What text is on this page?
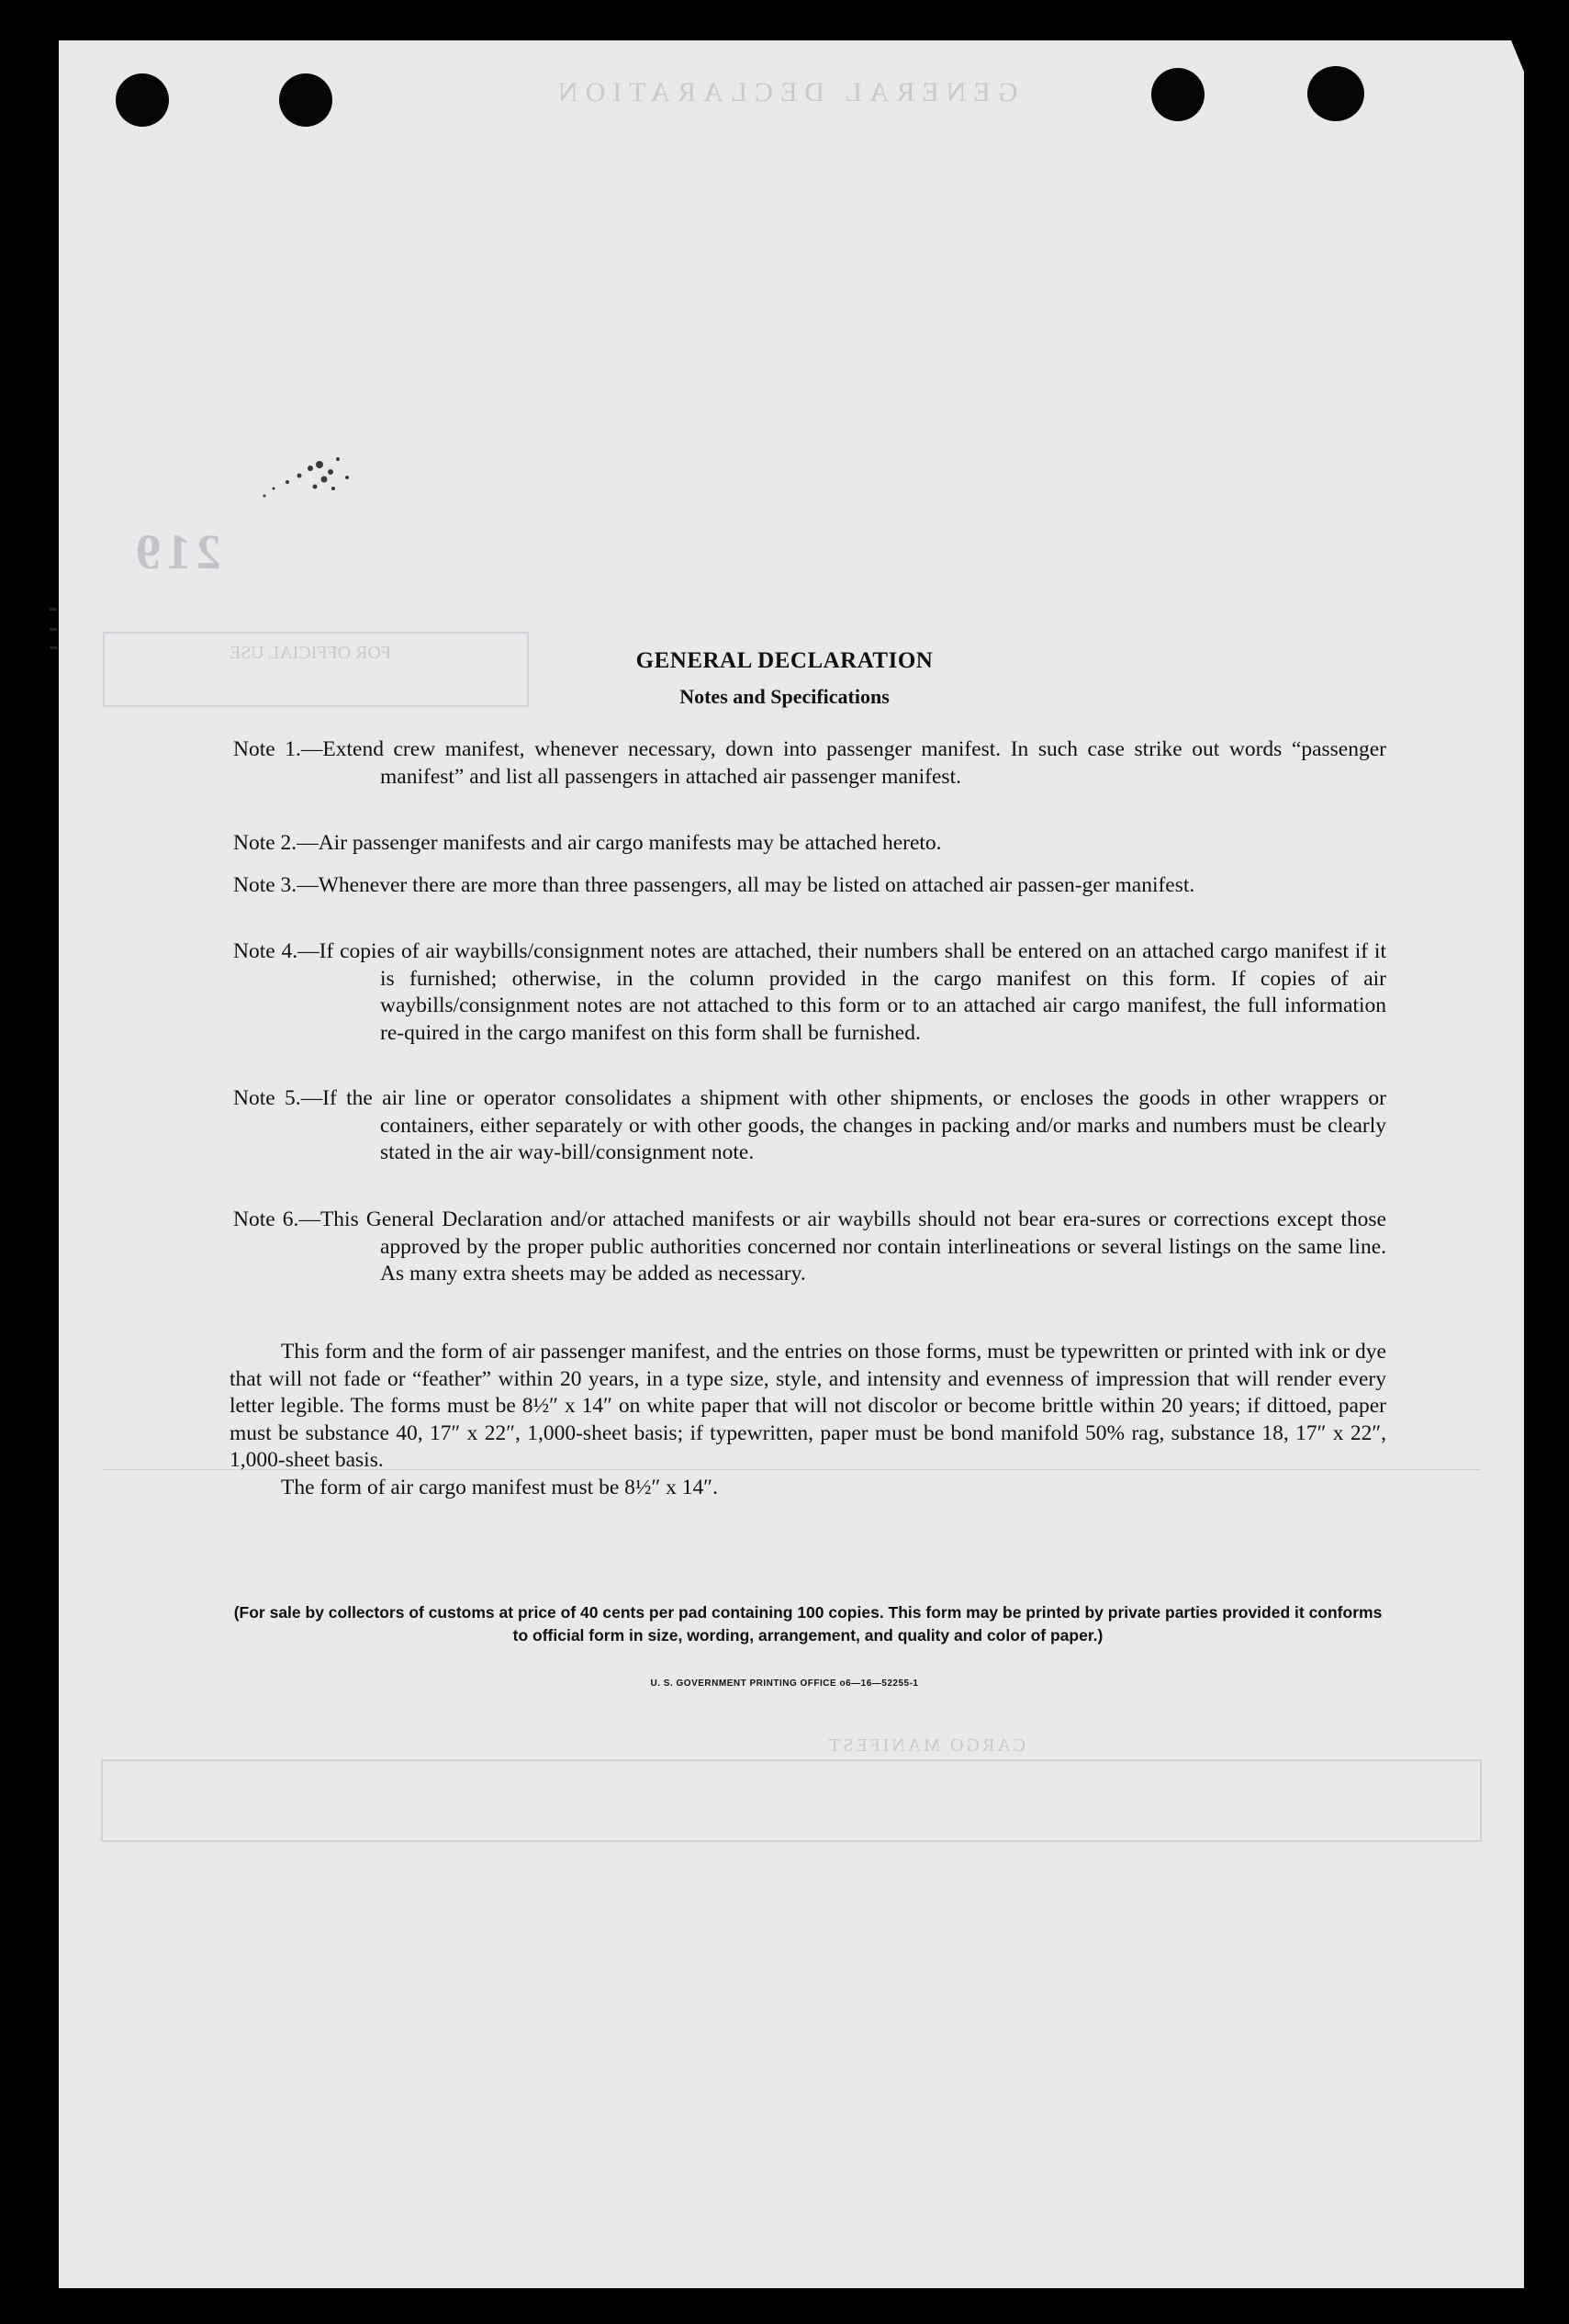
GENERAL DECLARATION
219
FOR OFFICIAL USE
CARGO MANIFEST
GENERAL DECLARATION
Notes and Specifications
Note 1.—Extend crew manifest, whenever necessary, down into passenger manifest. In such case strike out words “passenger manifest” and list all passengers in attached air passenger manifest.
Note 2.—Air passenger manifests and air cargo manifests may be attached hereto.
Note 3.—Whenever there are more than three passengers, all may be listed on attached air passen-ger manifest.
Note 4.—If copies of air waybills/consignment notes are attached, their numbers shall be entered on an attached cargo manifest if it is furnished; otherwise, in the column provided in the cargo manifest on this form. If copies of air waybills/consignment notes are not attached to this form or to an attached air cargo manifest, the full information re-quired in the cargo manifest on this form shall be furnished.
Note 5.—If the air line or operator consolidates a shipment with other shipments, or encloses the goods in other wrappers or containers, either separately or with other goods, the changes in packing and/or marks and numbers must be clearly stated in the air way-bill/consignment note.
Note 6.—This General Declaration and/or attached manifests or air waybills should not bear era-sures or corrections except those approved by the proper public authorities concerned nor contain interlineations or several listings on the same line. As many extra sheets may be added as necessary.

This form and the form of air passenger manifest, and the entries on those forms, must be typewritten or printed with ink or dye that will not fade or “feather” within 20 years, in a type size, style, and intensity and evenness of impression that will render every letter legible. The forms must be 8½″ x 14″ on white paper that will not discolor or become brittle within 20 years; if dittoed, paper must be substance 40, 17″ x 22″, 1,000-sheet basis; if typewritten, paper must be bond manifold 50% rag, substance 18, 17″ x 22″, 1,000-sheet basis.

The form of air cargo manifest must be 8½″ x 14″.

(For sale by collectors of customs at price of 40 cents per pad containing 100 copies. This form may be printed by private parties provided it conforms to official form in size, wording, arrangement, and quality and color of paper.)
U. S. GOVERNMENT PRINTING OFFICE o6—16—52255-1
